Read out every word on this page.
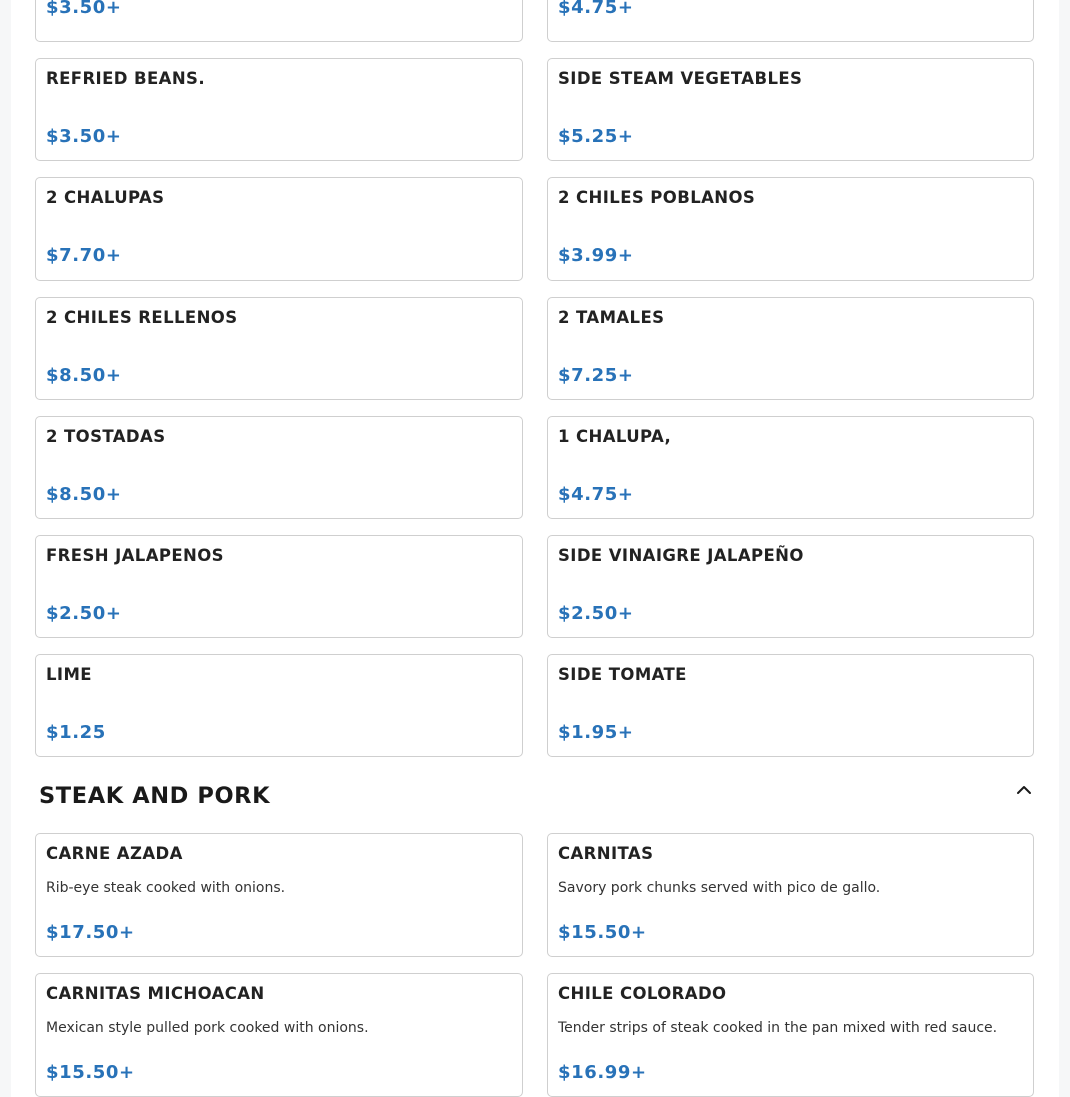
$3.50+	$4.75+
REFRIED BEANS.
$3.50+
SIDE STEAM VEGETABLES
$5.25+
2 CHALUPAS
$7.70+
2 CHILES POBLANOS
$3.99+
2 CHILES RELLENOS
$8.50+
2 TAMALES
$7.25+
2 TOSTADAS
$8.50+
1 CHALUPA,
$4.75+
FRESH JALAPENOS
$2.50+
SIDE VINAIGRE JALAPEÑO
$2.50+
LIME
$1.25
SIDE TOMATE
$1.95+
STEAK AND PORK
CARNE AZADA
Rib-eye steak cooked with onions.
$17.50+
CARNITAS
Savory pork chunks served with pico de gallo.
$15.50+
CARNITAS MICHOACAN
Mexican style pulled pork cooked with onions.
$15.50+
CHILE COLORADO
Tender strips of steak cooked in the pan mixed with red sauce.
$16.99+
